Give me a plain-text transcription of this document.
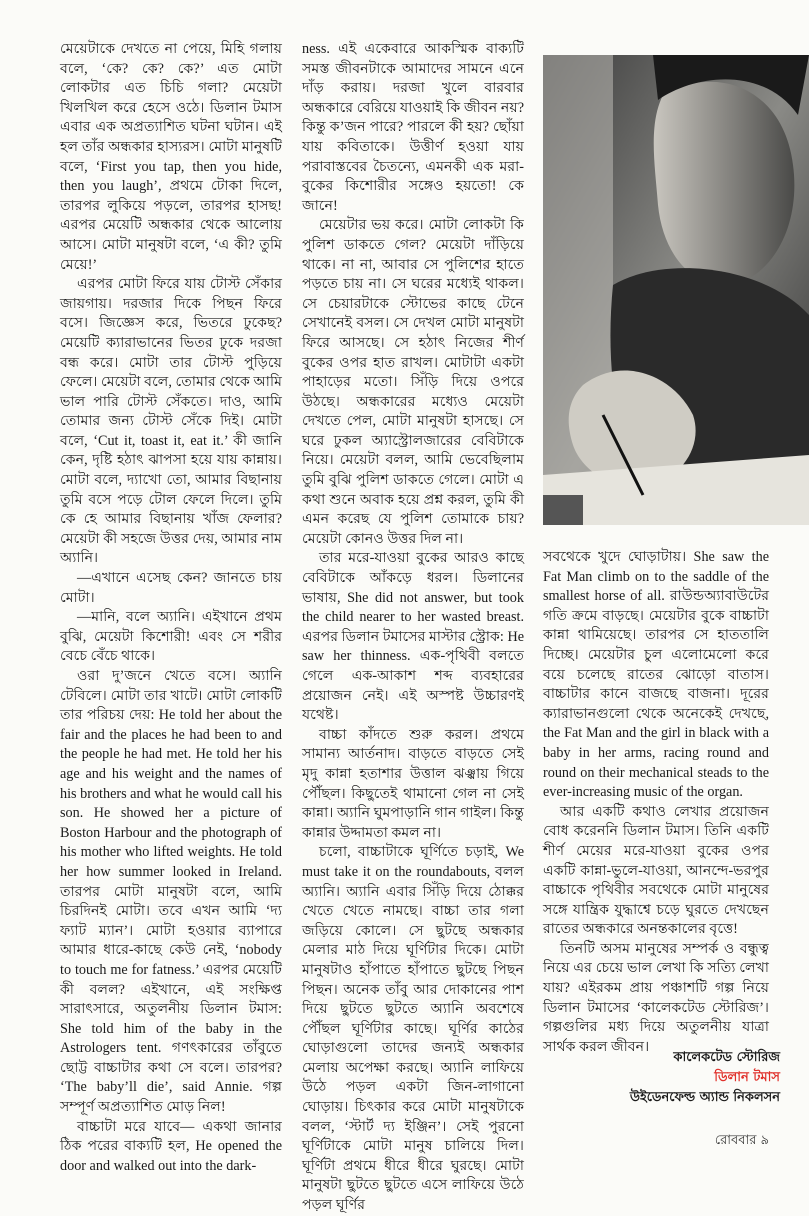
মেয়েটাকে দেখতে না পেয়ে, মিহি গলায় বলে, ‘কে? কে? কে?’ এত মোটা লোকটার এত চিচি গলা? মেয়েটা খিলখিল করে হেসে ওঠে। ডিলান টমাস এবার এক অপ্রত্যাশিত ঘটনা ঘটান। এই হল তাঁর অন্ধকার হাস্যরস। মোটা মানুষটি বলে, ‘First you tap, then you hide, then you laugh’, প্রথমে টোকা দিলে, তারপর লুকিয়ে পড়লে, তারপর হাসছ! এরপর মেয়েটি অন্ধকার থেকে আলোয় আসে। মোটা মানুষটা বলে, ‘এ কী? তুমি মেয়ে!’

এরপর মোটা ফিরে যায় টোস্ট সেঁকার জায়গায়। দরজার দিকে পিছন ফিরে বসে। জিজ্ঞেস করে, ভিতরে ঢুকেছ? মেয়েটি ক্যারাভানের ভিতর ঢুকে দরজা বন্ধ করে। মোটা তার টোস্ট পুড়িয়ে ফেলে। মেয়েটা বলে, তোমার থেকে আমি ভাল পারি টোস্ট সেঁকতে। দাও, আমি তোমার জন্য টোস্ট সেঁকে দিই। মোটা বলে, ‘Cut it, toast it, eat it.’ কী জানি কেন, দৃষ্টি হঠাৎ ঝাপসা হয়ে যায় কান্নায়। মোটা বলে, দ্যাখো তো, আমার বিছানায় তুমি বসে পড়ে টোল ফেলে দিলে। তুমি কে হে আমার বিছানায় খাঁজ ফেলার? মেয়েটা কী সহজে উত্তর দেয়, আমার নাম অ্যানি।

—এখানে এসেছ কেন? জানতে চায় মোটা।

—মানি, বলে অ্যানি। এইখানে প্রথম বুঝি, মেয়েটা কিশোরী! এবং সে শরীর বেচে বেঁচে থাকে।

ওরা দু’জনে খেতে বসে। অ্যানি টেবিলে। মোটা তার খাটে। মোটা লোকটি তার পরিচয় দেয়: He told her about the fair and the places he had been to and the people he had met. He told her his age and his weight and the names of his brothers and what he would call his son. He showed her a picture of Boston Harbour and the photograph of his mother who lifted weights. He told her how summer looked in Ireland. তারপর মোটা মানুষটা বলে, আমি চিরদিনই মোটা। তবে এখন আমি ‘দ্য ফ্যাট ম্যান’। মোটা হওয়ার ব্যাপারে আমার ধারে-কাছে কেউ নেই, ‘nobody to touch me for fatness.’ এরপর মেয়েটি কী বলল? এইখানে, এই সংক্ষিপ্ত সারাৎসারে, অতুলনীয় ডিলান টমাস: She told him of the baby in the Astrologers tent. গণৎকারের তাঁবুতে ছোট্ট বাচ্চাটার কথা সে বলে। তারপর? ‘The baby’ll die’, said Annie. গল্প সম্পূর্ণ অপ্রত্যাশিত মোড় নিল!

বাচ্চাটা মরে যাবে— একথা জানার ঠিক পরের বাক্যটি হল, He opened the door and walked out into the dark-

ness. এই একেবারে আকস্মিক বাক্যটি সমস্ত জীবনটাকে আমাদের সামনে এনে দাঁড় করায়। দরজা খুলে বারবার অন্ধকারে বেরিয়ে যাওয়াই কি জীবন নয়? কিন্তু ক’জন পারে? পারলে কী হয়? ছোঁয়া যায় কবিতাকে। উত্তীর্ণ হওয়া যায় পরাবাস্তবের চৈতন্যে, এমনকী এক মরা-বুকের কিশোরীর সঙ্গেও হয়তো! কে জানে!

মেয়েটার ভয় করে। মোটা লোকটা কি পুলিশ ডাকতে গেল? মেয়েটা দাঁড়িয়ে থাকে। না না, আবার সে পুলিশের হাতে পড়তে চায় না। সে ঘরের মধ্যেই থাকল। সে চেয়ারটাকে স্টোভের কাছে টেনে সেখানেই বসল। সে দেখল মোটা মানুষটা ফিরে আসছে। সে হঠাৎ নিজের শীর্ণ বুকের ওপর হাত রাখল। মোটাটা একটা পাহাড়ের মতো। সিঁড়ি দিয়ে ওপরে উঠছে। অন্ধকারের মধ্যেও মেয়েটা দেখতে পেল, মোটা মানুষটা হাসছে। সে ঘরে ঢুকল অ্যাস্ট্রোলজারের বেবিটাকে নিয়ে। মেয়েটা বলল, আমি ভেবেছিলাম তুমি বুঝি পুলিশ ডাকতে গেলে। মোটা এ কথা শুনে অবাক হয়ে প্রশ্ন করল, তুমি কী এমন করেছ যে পুলিশ তোমাকে চায়? মেয়েটা কোনও উত্তর দিল না।

তার মরে-যাওয়া বুকের আরও কাছে বেবিটাকে আঁকড়ে ধরল। ডিলানের ভাষায়, She did not answer, but took the child nearer to her wasted breast. এরপর ডিলান টমাসের মাস্টার স্ট্রোক: He saw her thinness. এক-পৃথিবী বলতে গেলে এক-আকাশ শব্দ ব্যবহারের প্রয়োজন নেই। এই অস্পষ্ট উচ্চারণই যথেষ্ট।

বাচ্চা কাঁদতে শুরু করল। প্রথমে সামান্য আর্তনাদ। বাড়তে বাড়তে সেই মৃদু কান্না হতাশার উত্তাল ঝঞ্ঝায় গিয়ে পৌঁছল। কিছুতেই থামানো গেল না সেই কান্না। অ্যানি ঘুমপাড়ানি গান গাইল। কিন্তু কান্নার উদ্দামতা কমল না।

চলো, বাচ্চাটাকে ঘূর্ণিতে চড়াই, We must take it on the roundabouts, বলল অ্যানি। অ্যানি এবার সিঁড়ি দিয়ে ঠোক্কর খেতে খেতে নামছে। বাচ্চা তার গলা জড়িয়ে কোলে। সে ছুটছে অন্ধকার মেলার মাঠ দিয়ে ঘূর্ণিটার দিকে। মোটা মানুষটাও হাঁপাতে হাঁপাতে ছুটছে পিছন পিছন। অনেক তাঁবু আর দোকানের পাশ দিয়ে ছুটতে ছুটতে অ্যানি অবশেষে পৌঁছল ঘূর্ণিটার কাছে। ঘূর্ণির কাঠের ঘোড়াগুলো তাদের জন্যই অন্ধকার মেলায় অপেক্ষা করছে। অ্যানি লাফিয়ে উঠে পড়ল একটা জিন-লাগানো ঘোড়ায়। চিৎকার করে মোটা মানুষটাকে বলল, ‘স্টার্ট দ্য ইঞ্জিন’। সেই পুরনো ঘূর্ণিটাকে মোটা মানুষ চালিয়ে দিল। ঘূর্ণিটা প্রথমে ধীরে ধীরে ঘুরছে। মোটা মানুষটা ছুটতে ছুটতে এসে লাফিয়ে উঠে পড়ল ঘূর্ণির

সবথেকে খুদে ঘোড়াটায়। She saw the Fat Man climb on to the saddle of the smallest horse of all. রাউন্ডঅ্যাবাউটের গতি ক্রমে বাড়ছে। মেয়েটার বুকে বাচ্চাটা কান্না থামিয়েছে। তারপর সে হাততালি দিচ্ছে। মেয়েটার চুল এলোমেলো করে বয়ে চলেছে রাতের ঝোড়ো বাতাস। বাচ্চাটার কানে বাজছে বাজনা। দূরের ক্যারাভানগুলো থেকে অনেকেই দেখছে, the Fat Man and the girl in black with a baby in her arms, racing round and round on their mechanical steads to the ever-increasing music of the organ.

আর একটি কথাও লেখার প্রয়োজন বোধ করেননি ডিলান টমাস। তিনি একটি শীর্ণ মেয়ের মরে-যাওয়া বুকের ওপর একটি কান্না-ভুলে-যাওয়া, আনন্দে-ভরপুর বাচ্চাকে পৃথিবীর সবথেকে মোটা মানুষের সঙ্গে যান্ত্রিক যুদ্ধাশ্বে চড়ে ঘুরতে দেখছেন রাতের অন্ধকারে অনন্তকালের বৃত্তে!

তিনটি অসম মানুষের সম্পর্ক ও বন্ধুত্ব নিয়ে এর চেয়ে ভাল লেখা কি সত্যি লেখা যায়? এইরকম প্রায় পঞ্চাশটি গল্প নিয়ে ডিলান টমাসের ‘কালেকটেড স্টোরিজ’। গল্পগুলির মধ্য দিয়ে অতুলনীয় যাত্রা সার্থক করল জীবন।

কালেকটেড স্টোরিজ
ডিলান টমাস
উইডেনফেল্ড অ্যান্ড নিকলসন
রোববার ৯
